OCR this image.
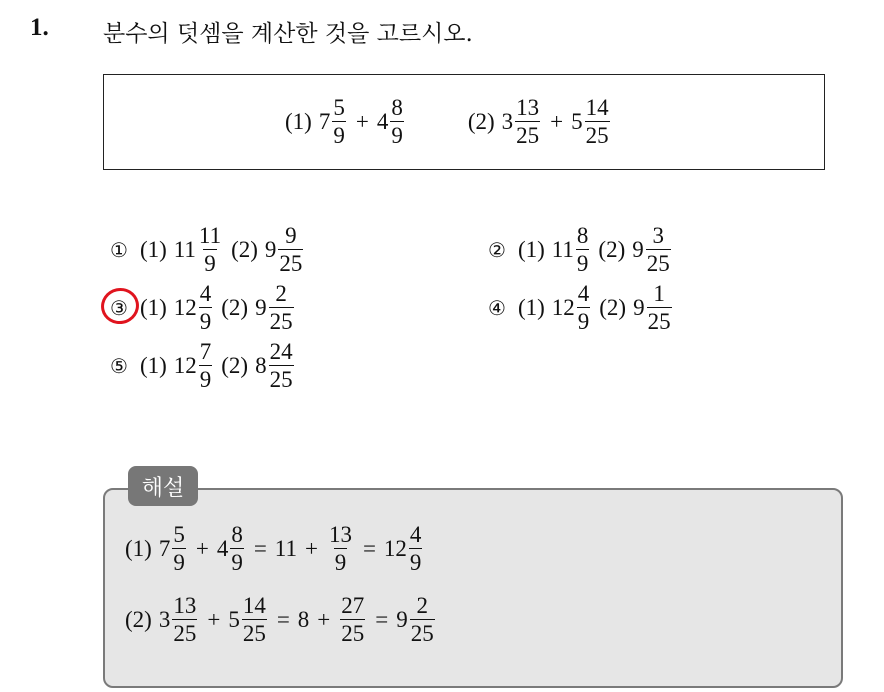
1. 분수의 덧셈을 계산한 것을 고르시오.
(1) $7 \frac{5}{9} + 4 \frac{8}{9}$	(2) $3 \frac{13}{25} + 5 \frac{14}{25}$
① (1) $11 \frac{11}{9} (2)$ $9 \frac{9}{25}$	② (1) $11 \frac{8}{9} (2)$ $9 \frac{3}{25}$
③ (1) $12 \frac{4}{9} (2)$ $9 \frac{2}{25}$	④ (1) $12 \frac{4}{9} (2)$ $9 \frac{1}{25}$
⑤ (1) $12 \frac{7}{9} (2)$ $8 \frac{24}{25}$
해설
(1) $7 \frac{5}{9} + 4 \frac{8}{9} = 11 + \frac{13}{9} = 12 \frac{4}{9}$
(2) $3 \frac{13}{25} + 5 \frac{14}{25} = 8 + \frac{27}{25} = 9 \frac{2}{25}$
